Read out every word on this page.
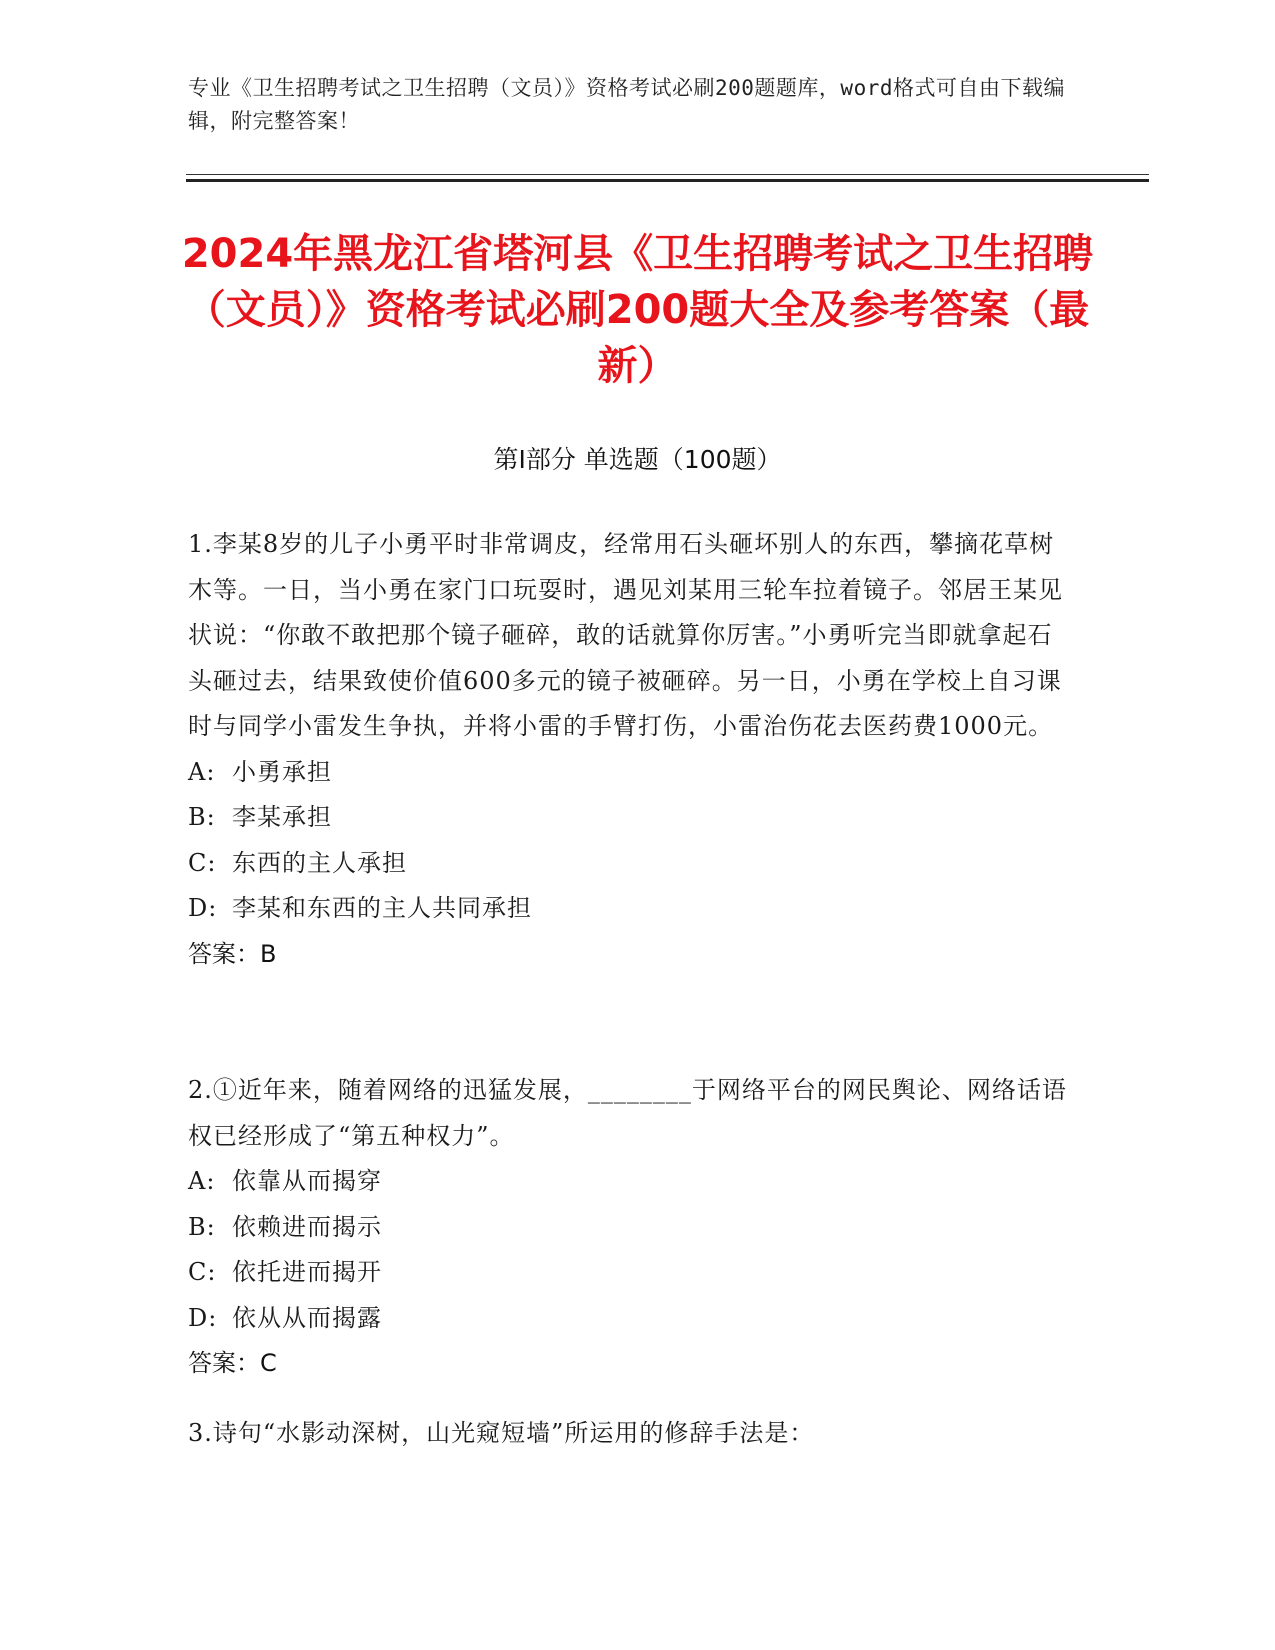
专业《卫生招聘考试之卫生招聘（文员）》资格考试必刷200题题库，word格式可自由下载编辑，附完整答案！
2024年黑龙江省塔河县《卫生招聘考试之卫生招聘（文员）》资格考试必刷200题大全及参考答案（最新）
第Ⅰ部分 单选题（100题）
1.李某8岁的儿子小勇平时非常调皮，经常用石头砸坏别人的东西，攀摘花草树木等。一日，当小勇在家门口玩耍时，遇见刘某用三轮车拉着镜子。邻居王某见状说：“你敢不敢把那个镜子砸碎，敢的话就算你厉害。”小勇听完当即就拿起石头砸过去，结果致使价值600多元的镜子被砸碎。另一日，小勇在学校上自习课时与同学小雷发生争执，并将小雷的手臂打伤，小雷治伤花去医药费1000元。
A: 小勇承担
B: 李某承担
C: 东西的主人承担
D: 李某和东西的主人共同承担
答案：B
2.①近年来，随着网络的迅猛发展，________于网络平台的网民舆论、网络话语权已经形成了“第五种权力”。
A: 依靠从而揭穿
B: 依赖进而揭示
C: 依托进而揭开
D: 依从从而揭露
答案：C
3.诗句“水影动深树，山光窥短墙”所运用的修辞手法是：
